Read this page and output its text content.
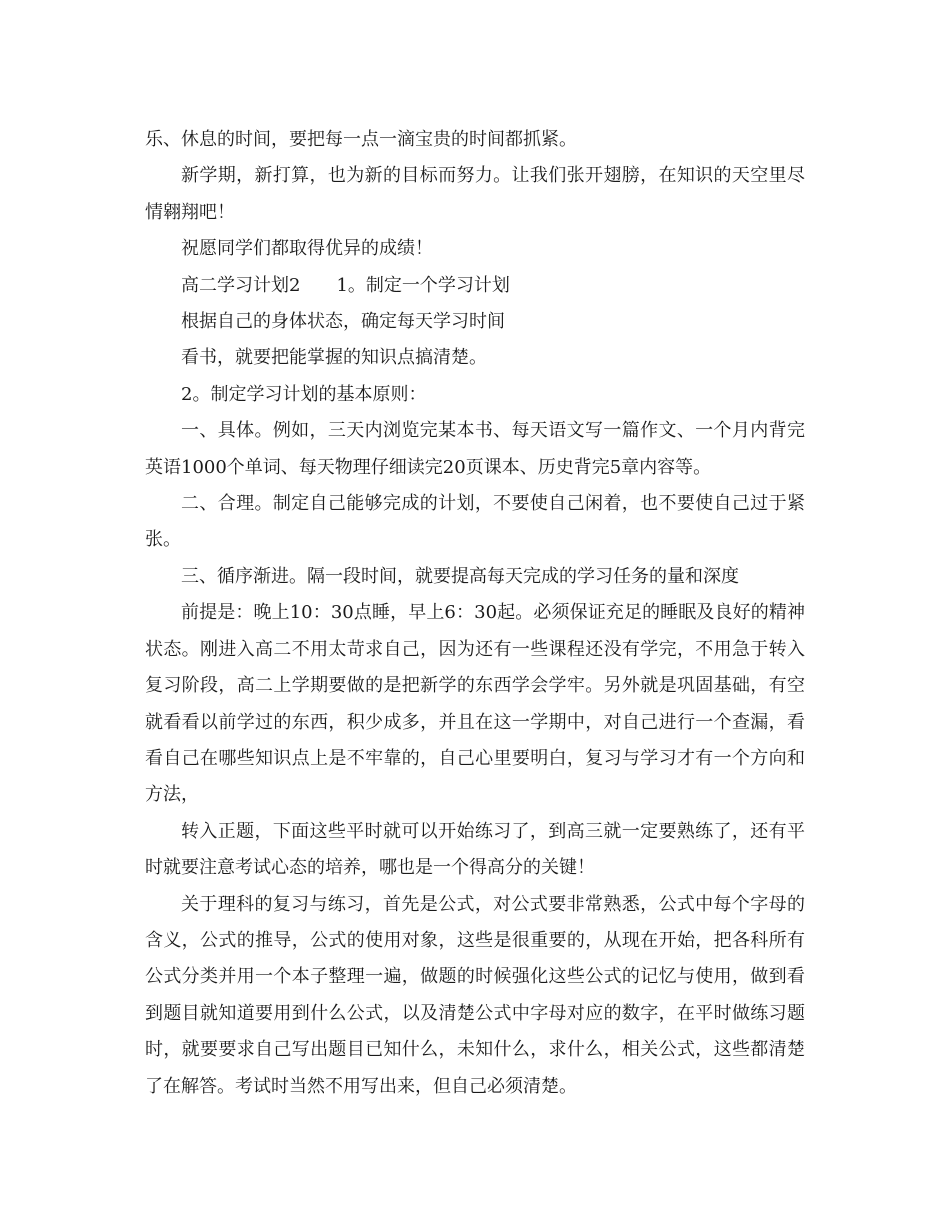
乐、休息的时间，要把每一点一滴宝贵的时间都抓紧。

新学期，新打算，也为新的目标而努力。让我们张开翅膀，在知识的天空里尽情翱翔吧！

祝愿同学们都取得优异的成绩！

高二学习计划2　　1。制定一个学习计划

根据自己的身体状态，确定每天学习时间

看书，就要把能掌握的知识点搞清楚。

2。制定学习计划的基本原则：

一、具体。例如，三天内浏览完某本书、每天语文写一篇作文、一个月内背完英语1000个单词、每天物理仔细读完20页课本、历史背完5章内容等。

二、合理。制定自己能够完成的计划，不要使自己闲着，也不要使自己过于紧张。

三、循序渐进。隔一段时间，就要提高每天完成的学习任务的量和深度

前提是：晚上10：30点睡，早上6：30起。必须保证充足的睡眠及良好的精神状态。刚进入高二不用太苛求自己，因为还有一些课程还没有学完，不用急于转入复习阶段，高二上学期要做的是把新学的东西学会学牢。另外就是巩固基础，有空就看看以前学过的东西，积少成多，并且在这一学期中，对自己进行一个查漏，看看自己在哪些知识点上是不牢靠的，自己心里要明白，复习与学习才有一个方向和方法，

转入正题，下面这些平时就可以开始练习了，到高三就一定要熟练了，还有平时就要注意考试心态的培养，哪也是一个得高分的关键！

关于理科的复习与练习，首先是公式，对公式要非常熟悉，公式中每个字母的含义，公式的推导，公式的使用对象，这些是很重要的，从现在开始，把各科所有公式分类并用一个本子整理一遍，做题的时候强化这些公式的记忆与使用，做到看到题目就知道要用到什么公式，以及清楚公式中字母对应的数字，在平时做练习题时，就要要求自己写出题目已知什么，未知什么，求什么，相关公式，这些都清楚了在解答。考试时当然不用写出来，但自己必须清楚。
